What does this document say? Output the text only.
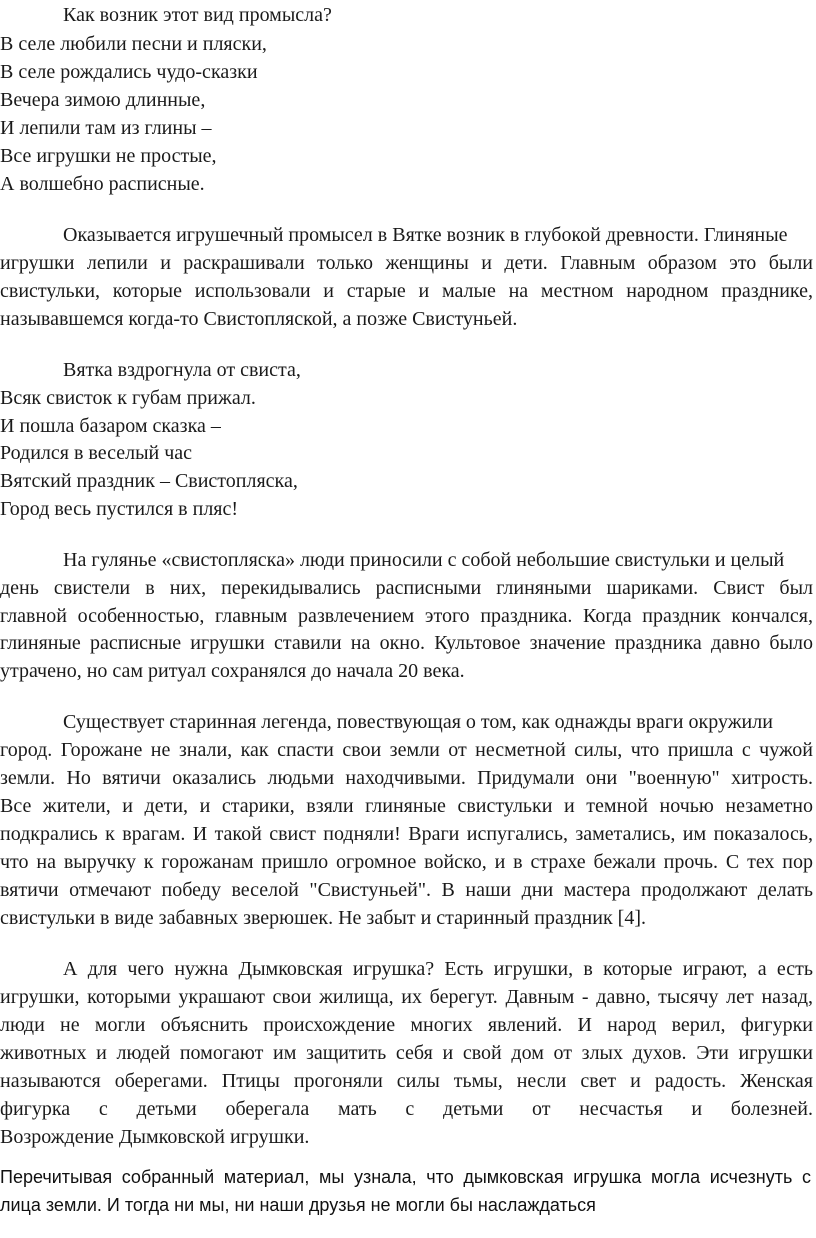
Как возник этот вид промысла?

В селе любили песни и пляски,

В селе рождались чудо-сказки

Вечера зимою длинные,

И лепили там из глины –

Все игрушки не простые,

А волшебно расписные.

Оказывается игрушечный промысел в Вятке возник в глубокой древности. Глиняные

игрушки лепили и раскрашивали только женщины и дети. Главным образом это были

свистульки, которые использовали и старые и малые на местном народном празднике,

называвшемся когда-то Свистопляской, а позже Свистуньей.

Вятка вздрогнула от свиста,

Всяк свисток к губам прижал.

И пошла базаром сказка –

Родился в веселый час

Вятский праздник – Свистопляска,

Город весь пустился в пляс!

На гулянье «свистопляска» люди приносили с собой небольшие свистульки и целый

день свистели в них, перекидывались расписными глиняными шариками. Свист был

главной особенностью, главным развлечением этого праздника. Когда праздник кончался,

глиняные расписные игрушки ставили на окно. Культовое значение праздника давно было

утрачено, но сам ритуал сохранялся до начала 20 века.

Существует старинная легенда, повествующая о том, как однажды враги окружили

город. Горожане не знали, как спасти свои земли от несметной силы, что пришла с чужой

земли. Но вятичи оказались людьми находчивыми. Придумали они "военную" хитрость.

Все жители, и дети, и старики, взяли глиняные свистульки и темной ночью незаметно

подкрались к врагам. И такой свист подняли! Враги испугались, заметались, им показалось,

что на выручку к горожанам пришло огромное войско, и в страхе бежали прочь. С тех пор

вятичи отмечают победу веселой "Свистуньей". В наши дни мастера продолжают делать

свистульки в виде забавных зверюшек. Не забыт и старинный праздник [4].

А для чего нужна Дымковская игрушка? Есть игрушки, в которые играют, а есть

игрушки, которыми украшают свои жилища, их берегут. Давным - давно, тысячу лет назад,

люди не могли объяснить происхождение многих явлений. И народ верил, фигурки

животных и людей помогают им защитить себя и свой дом от злых духов. Эти игрушки

называются оберегами. Птицы прогоняли силы тьмы, несли свет и радость. Женская

фигурка с детьми оберегала мать с детьми от несчастья и болезней.

Возрождение Дымковской игрушки.

Перечитывая собранный материал, мы узнала, что дымковская игрушка могла исчезнуть с

лица земли. И тогда ни мы, ни наши друзья не могли бы наслаждаться
